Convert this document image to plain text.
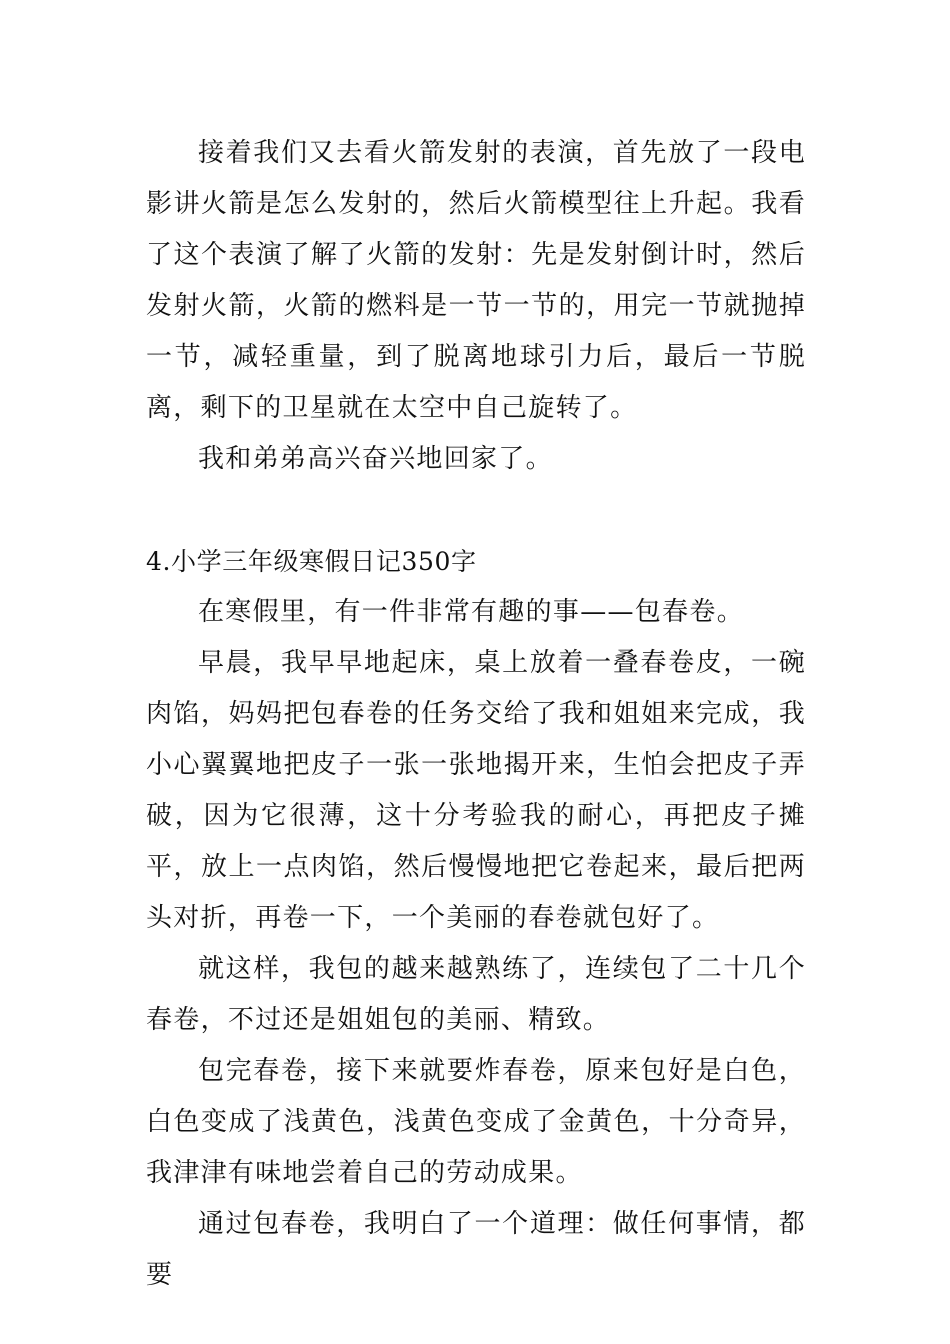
接着我们又去看火箭发射的表演，首先放了一段电影讲火箭是怎么发射的，然后火箭模型往上升起。我看了这个表演了解了火箭的发射：先是发射倒计时，然后发射火箭，火箭的燃料是一节一节的，用完一节就抛掉一节，减轻重量，到了脱离地球引力后，最后一节脱离，剩下的卫星就在太空中自己旋转了。

我和弟弟高兴奋兴地回家了。

4.小学三年级寒假日记350字

在寒假里，有一件非常有趣的事——包春卷。

早晨，我早早地起床，桌上放着一叠春卷皮，一碗肉馅，妈妈把包春卷的任务交给了我和姐姐来完成，我小心翼翼地把皮子一张一张地揭开来，生怕会把皮子弄破，因为它很薄，这十分考验我的耐心，再把皮子摊平，放上一点肉馅，然后慢慢地把它卷起来，最后把两头对折，再卷一下，一个美丽的春卷就包好了。

就这样，我包的越来越熟练了，连续包了二十几个春卷，不过还是姐姐包的美丽、精致。

包完春卷，接下来就要炸春卷，原来包好是白色，白色变成了浅黄色，浅黄色变成了金黄色，十分奇异，我津津有味地尝着自己的劳动成果。

通过包春卷，我明白了一个道理：做任何事情，都要
